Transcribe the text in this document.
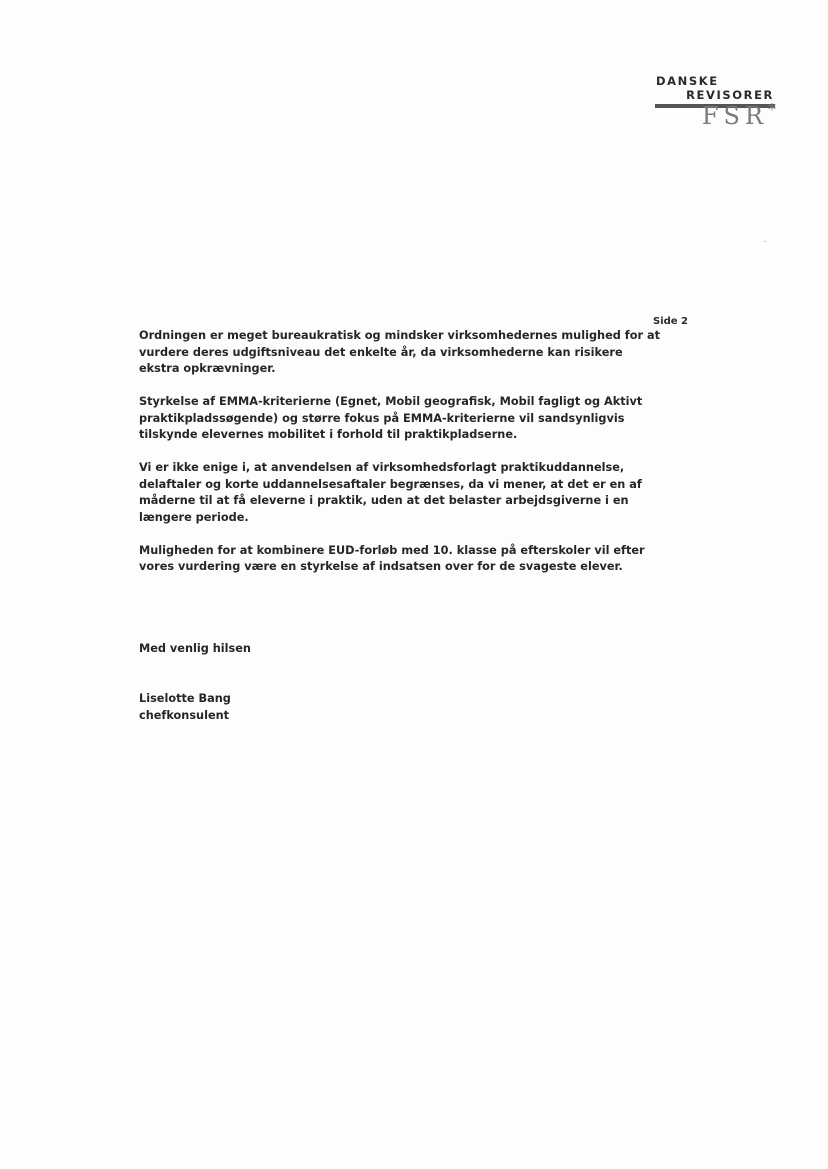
DANSKE
REVISORER
FSR*
Side 2

Ordningen er meget bureaukratisk og mindsker virksomhedernes mulighed for at
vurdere deres udgiftsniveau det enkelte år, da virksomhederne kan risikere
ekstra opkrævninger.

Styrkelse af EMMA-kriterierne (Egnet, Mobil geografisk, Mobil fagligt og Aktivt
praktikpladssøgende) og større fokus på EMMA-kriterierne vil sandsynligvis
tilskynde elevernes mobilitet i forhold til praktikpladserne.

Vi er ikke enige i, at anvendelsen af virksomhedsforlagt praktikuddannelse,
delaftaler og korte uddannelsesaftaler begrænses, da vi mener, at det er en af
måderne til at få eleverne i praktik, uden at det belaster arbejdsgiverne i en
længere periode.

Muligheden for at kombinere EUD-forløb med 10. klasse på efterskoler vil efter
vores vurdering være en styrkelse af indsatsen over for de svageste elever.

Med venlig hilsen
Liselotte Bang
chefkonsulent
